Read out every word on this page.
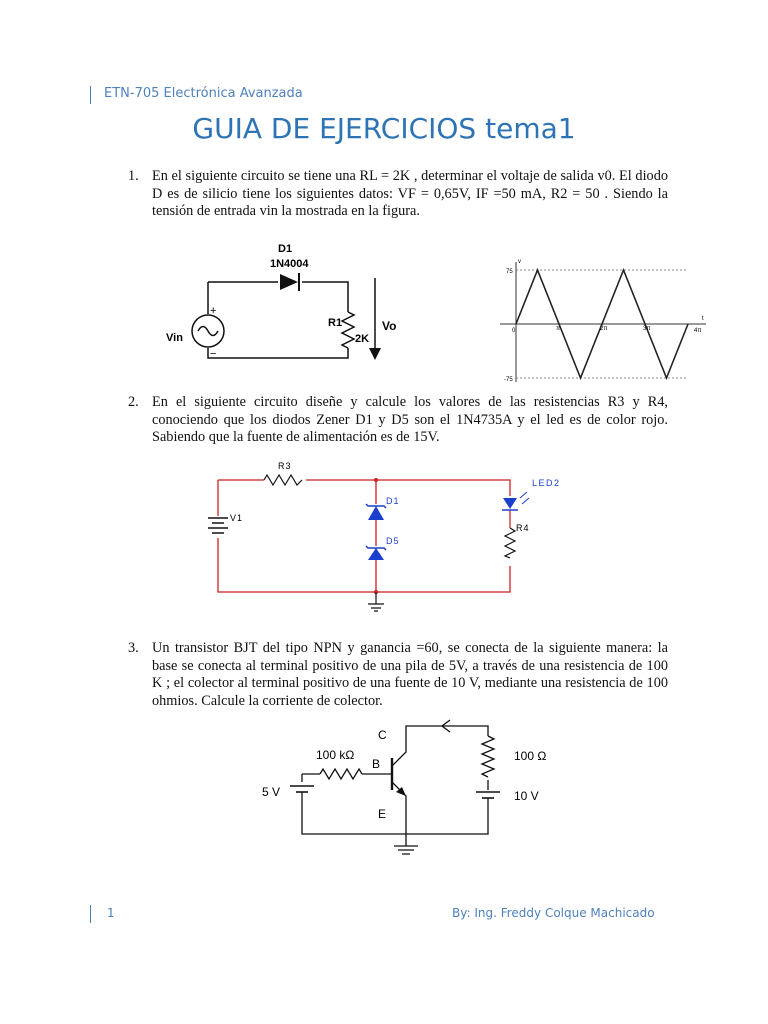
ETN-705 Electrónica Avanzada
GUIA DE EJERCICIOS tema1
1. En el siguiente circuito se tiene una RL = 2K , determinar el voltaje de salida v0. El diodo D es de silicio tiene los siguientes datos: VF = 0,65V, IF =50 mA, R2 = 50 . Siendo la tensión de entrada vin la mostrada en la figura.
D1
1N4004
Vin
+
−
R1
2K
Vo
v
t
75
-75
0	π	2π	3π	4π
2. En el siguiente circuito diseñe y calcule los valores de las resistencias R3 y R4, conociendo que los diodos Zener D1 y D5 son el 1N4735A y el led es de color rojo. Sabiendo que la fuente de alimentación es de 15V.
R3
V1
D1
D5
LED2
R4
3. Un transistor BJT del tipo NPN y ganancia =60, se conecta de la siguiente manera: la base se conecta al terminal positivo de una pila de 5V, a través de una resistencia de 100 K ; el colector al terminal positivo de una fuente de 10 V, mediante una resistencia de 100 ohmios. Calcule la corriente de colector.
100 kΩ
B
C
E
5 V
100 Ω
10 V
1	By: Ing. Freddy Colque Machicado
